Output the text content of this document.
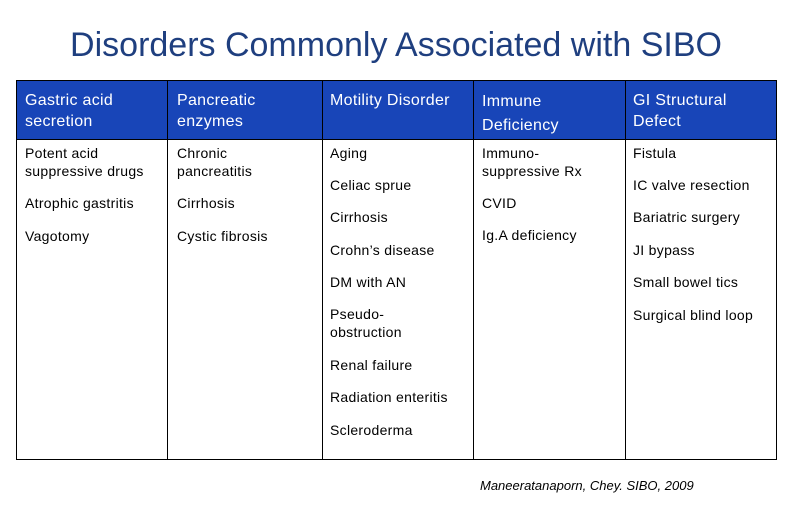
Disorders Commonly Associated with SIBO
Gastric acid secretion
Pancreatic enzymes
Motility Disorder	Immune Deficiency
GI Structural Defect
Potent acid suppressive drugs
Atrophic gastritis
Vagotomy
Chronic pancreatitis
Cirrhosis
Cystic fibrosis
Aging
Celiac sprue
Cirrhosis
Crohn’s disease
DM with AN
Pseudo-obstruction
Renal failure
Radiation enteritis
Scleroderma
Immuno-suppressive Rx
CVID
Ig.A deficiency
Fistula
IC valve resection
Bariatric surgery
JI bypass
Small bowel tics
Surgical blind loop
Maneeratanaporn, Chey. SIBO, 2009
